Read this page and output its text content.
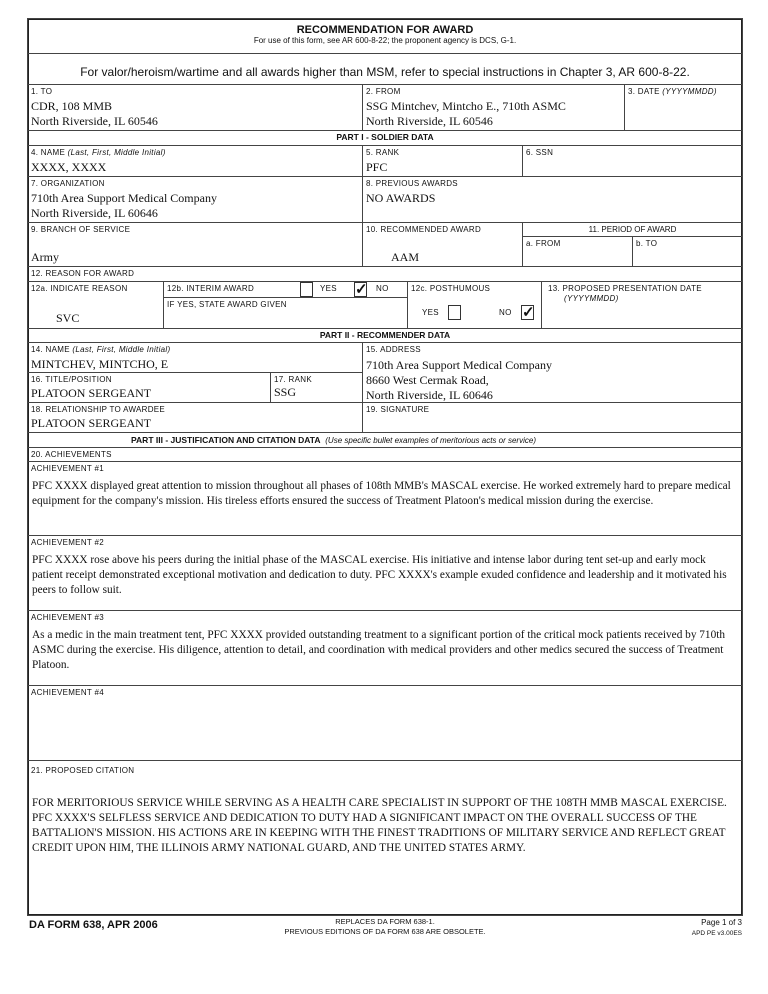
RECOMMENDATION FOR AWARD
For use of this form, see AR 600-8-22; the proponent agency is DCS, G-1.
For valor/heroism/wartime and all awards higher than MSM, refer to special instructions in Chapter 3, AR 600-8-22.
1. TO
CDR, 108 MMB
North Riverside, IL 60546
2. FROM
SSG Mintchev, Mintcho E., 710th ASMC
North Riverside, IL 60546
3. DATE (YYYYMMDD)
PART I - SOLDIER DATA
4. NAME (Last, First, Middle Initial)
XXXX, XXXX
5. RANK
PFC
6. SSN
7. ORGANIZATION
710th Area Support Medical Company
North Riverside, IL 60646
8. PREVIOUS AWARDS
NO AWARDS
9. BRANCH OF SERVICE
Army
10. RECOMMENDED AWARD
AAM
11. PERIOD OF AWARD
a. FROM	b. TO
12. REASON FOR AWARD
12a. INDICATE REASON
SVC
12b. INTERIM AWARD	YES ✓ NO
IF YES, STATE AWARD GIVEN
12c. POSTHUMOUS
YES	NO ✓
13. PROPOSED PRESENTATION DATE
(YYYYMMDD)
PART II - RECOMMENDER DATA
14. NAME (Last, First, Middle Initial)
MINTCHEV, MINTCHO, E
15. ADDRESS
710th Area Support Medical Company
8660 West Cermak Road,
North Riverside, IL 60646
16. TITLE/POSITION
PLATOON SERGEANT
17. RANK
SSG
18. RELATIONSHIP TO AWARDEE
PLATOON SERGEANT
19. SIGNATURE
PART III - JUSTIFICATION AND CITATION DATA (Use specific bullet examples of meritorious acts or service)
20. ACHIEVEMENTS
ACHIEVEMENT #1
PFC XXXX displayed great attention to mission throughout all phases of 108th MMB's MASCAL exercise. He worked extremely hard to prepare medical equipment for the company's mission. His tireless efforts ensured the success of Treatment Platoon's medical mission during the exercise.
ACHIEVEMENT #2
PFC XXXX rose above his peers during the initial phase of the MASCAL exercise. His initiative and intense labor during tent set-up and early mock patient receipt demonstrated exceptional motivation and dedication to duty. PFC XXXX's example exuded confidence and leadership and it motivated his peers to follow suit.
ACHIEVEMENT #3
As a medic in the main treatment tent, PFC XXXX provided outstanding treatment to a significant portion of the critical mock patients received by 710th ASMC during the exercise. His diligence, attention to detail, and coordination with medical providers and other medics secured the success of Treatment Platoon.
ACHIEVEMENT #4
21. PROPOSED CITATION
FOR MERITORIOUS SERVICE WHILE SERVING AS A HEALTH CARE SPECIALIST IN SUPPORT OF THE 108TH MMB MASCAL EXERCISE. PFC XXXX'S SELFLESS SERVICE AND DEDICATION TO DUTY HAD A SIGNIFICANT IMPACT ON THE OVERALL SUCCESS OF THE BATTALION'S MISSION. HIS ACTIONS ARE IN KEEPING WITH THE FINEST TRADITIONS OF MILITARY SERVICE AND REFLECT GREAT CREDIT UPON HIM, THE ILLINOIS ARMY NATIONAL GUARD, AND THE UNITED STATES ARMY.
DA FORM 638, APR 2006	REPLACES DA FORM 638-1.
PREVIOUS EDITIONS OF DA FORM 638 ARE OBSOLETE.
Page 1 of 3
APD PE v3.00ES
